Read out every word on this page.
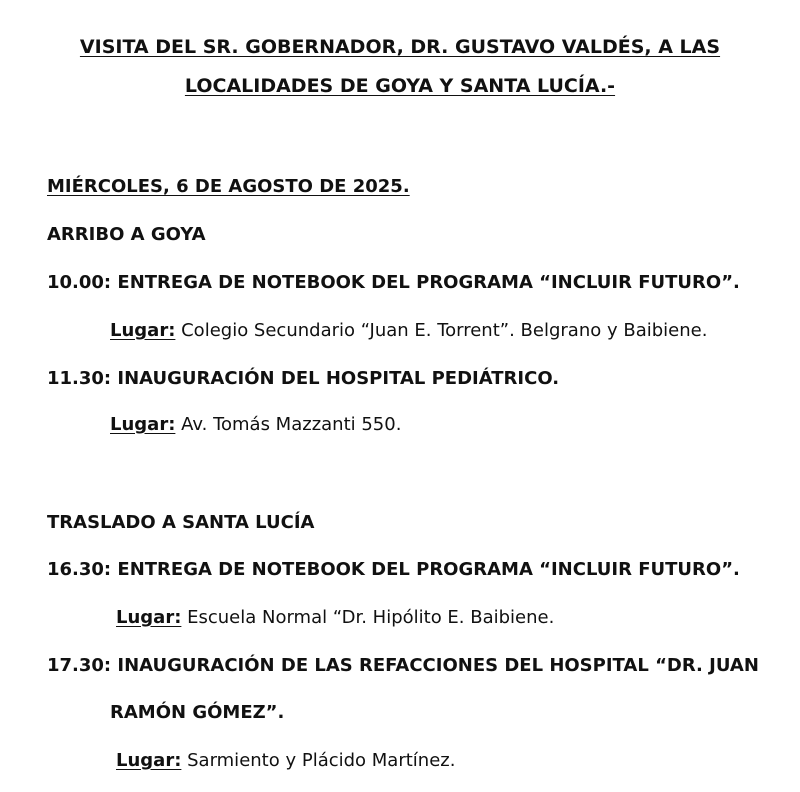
VISITA DEL SR. GOBERNADOR, DR. GUSTAVO VALDÉS, A LAS
LOCALIDADES DE GOYA Y SANTA LUCÍA.-
MIÉRCOLES, 6 DE AGOSTO DE 2025.
ARRIBO A GOYA
10.00: ENTREGA DE NOTEBOOK DEL PROGRAMA “INCLUIR FUTURO”.
Lugar: Colegio Secundario “Juan E. Torrent”. Belgrano y Baibiene.
11.30: INAUGURACIÓN DEL HOSPITAL PEDIÁTRICO.
Lugar: Av. Tomás Mazzanti 550.
TRASLADO A SANTA LUCÍA
16.30: ENTREGA DE NOTEBOOK DEL PROGRAMA “INCLUIR FUTURO”.
Lugar: Escuela Normal “Dr. Hipólito E. Baibiene.
17.30: INAUGURACIÓN DE LAS REFACCIONES DEL HOSPITAL “DR. JUAN
RAMÓN GÓMEZ”.
Lugar: Sarmiento y Plácido Martínez.
